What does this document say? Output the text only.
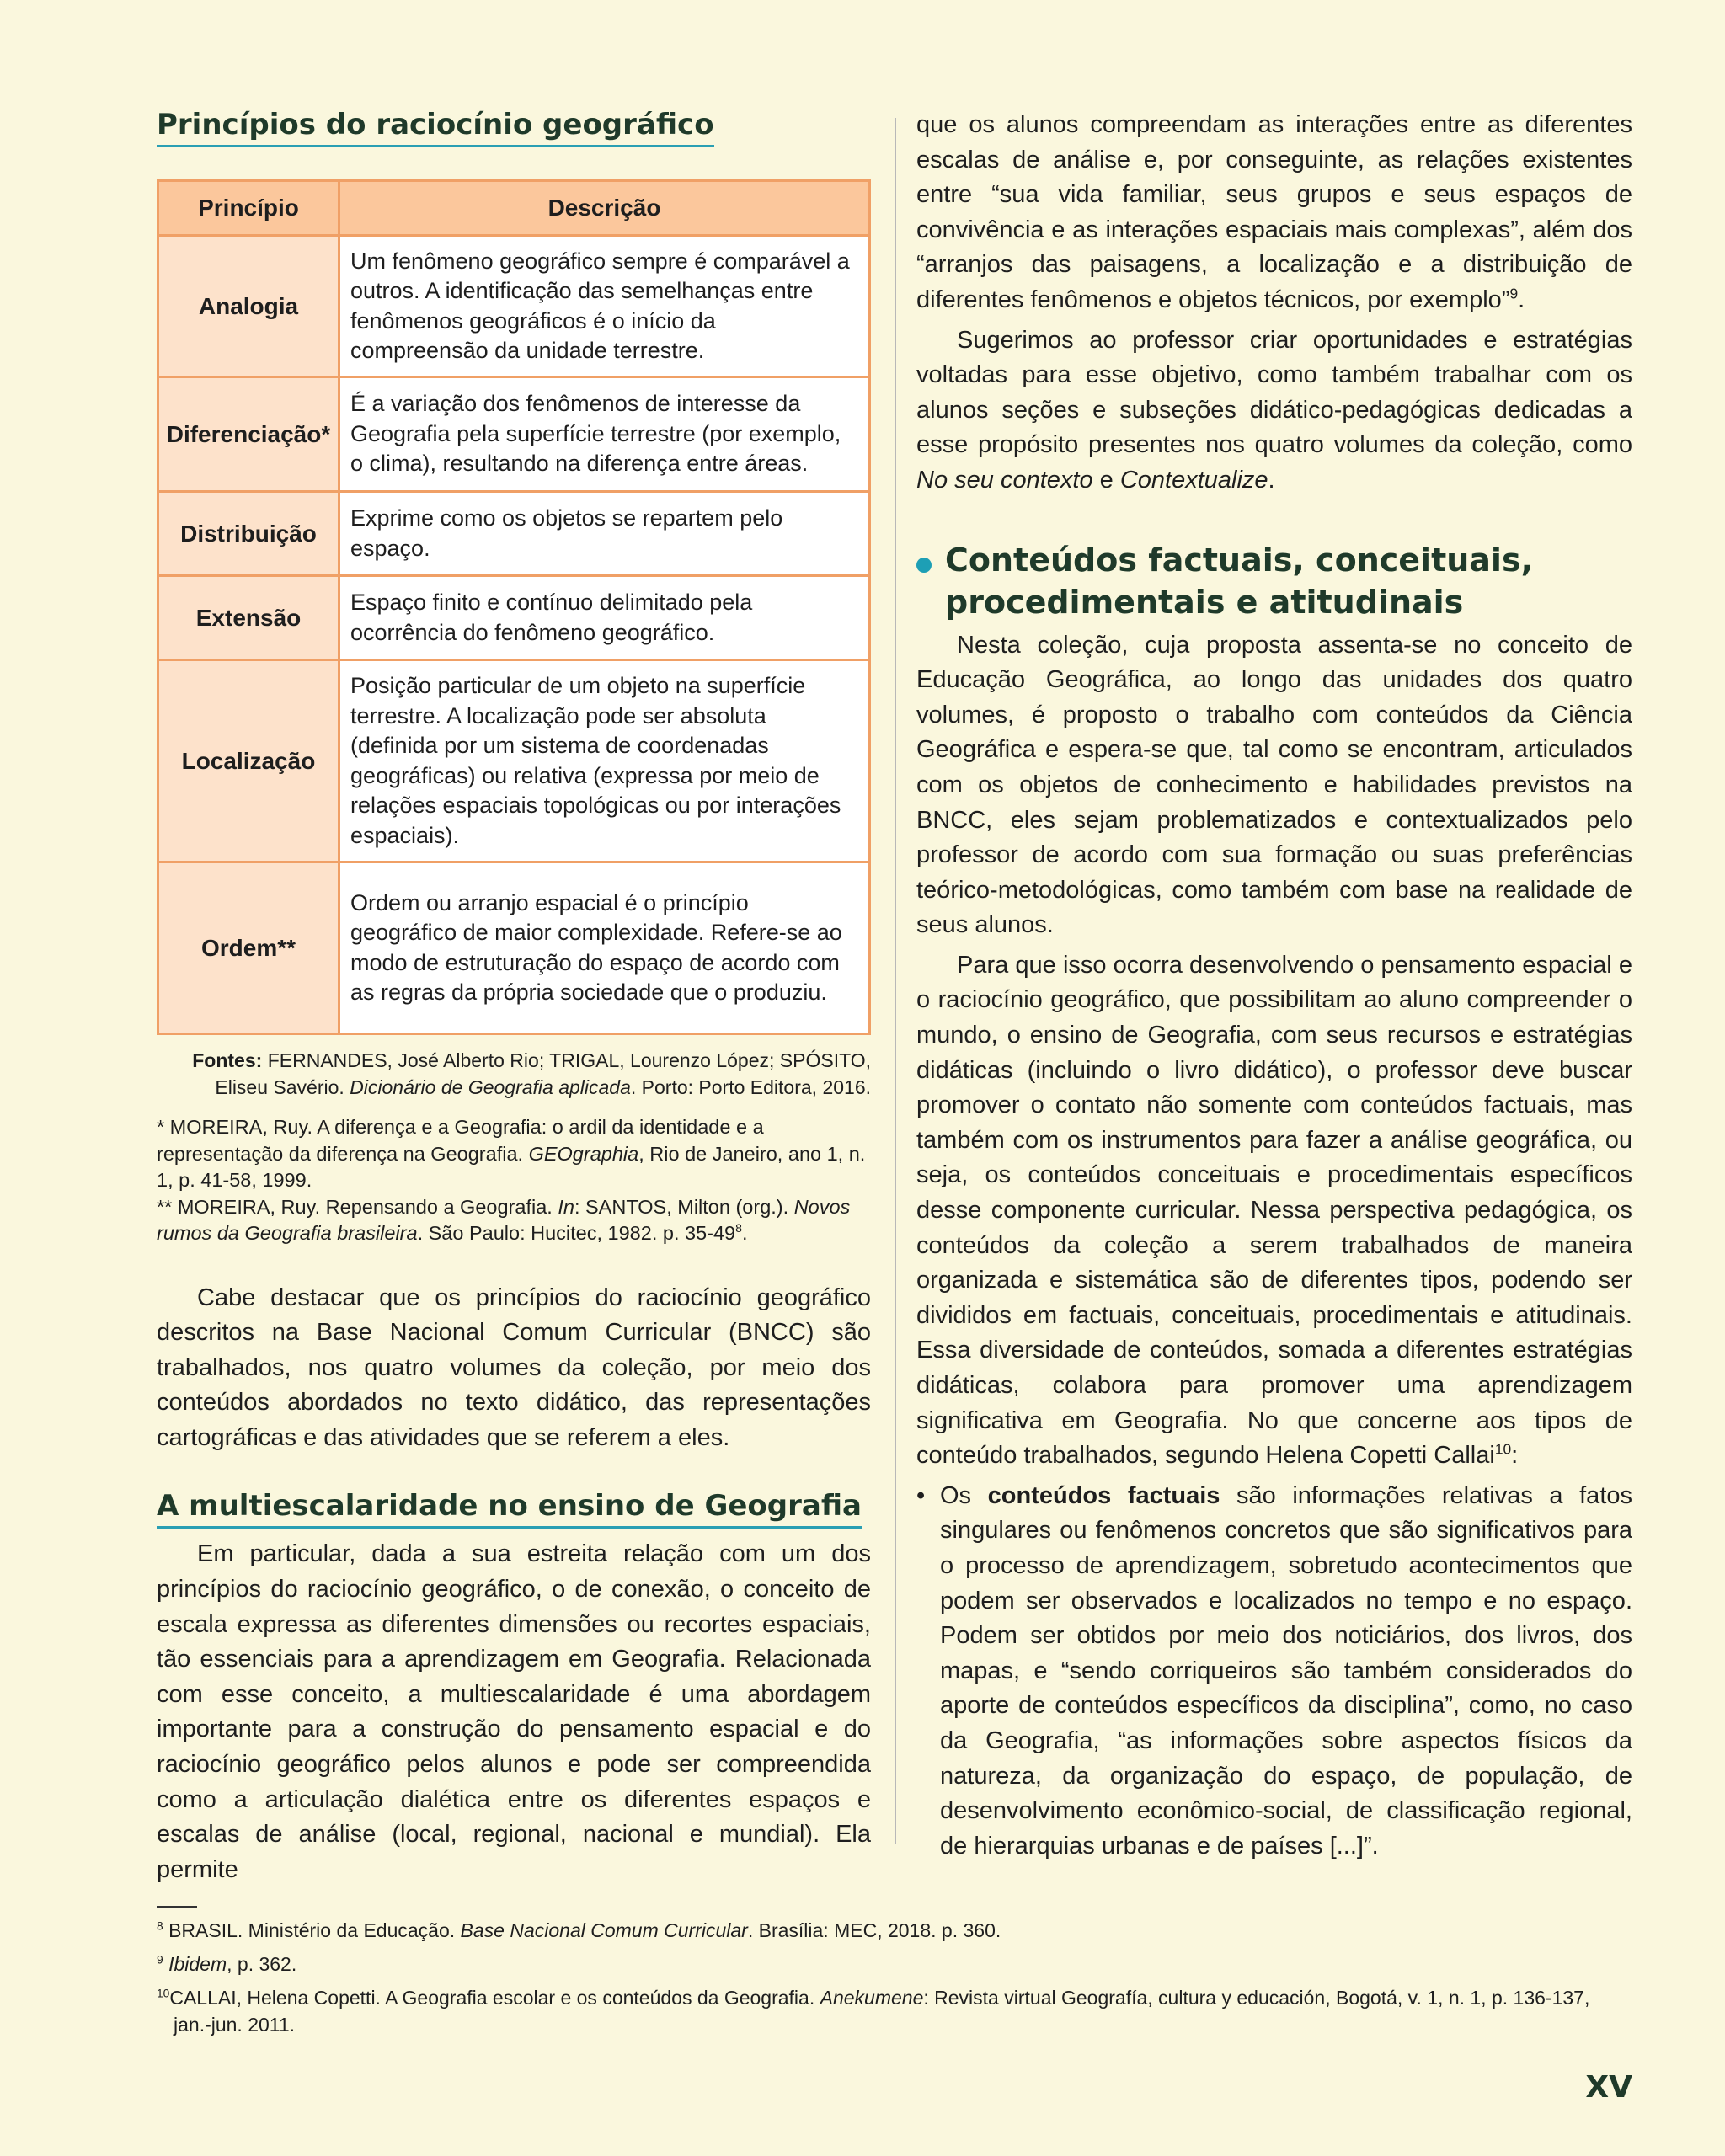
Princípios do raciocínio geográfico
Princípio	Descrição
Analogia	Um fenômeno geográfico sempre é comparável a outros. A identificação das semelhanças entre fenômenos geográficos é o início da compreensão da unidade terrestre.
Diferenciação*	É a variação dos fenômenos de interesse da Geografia pela superfície terrestre (por exemplo, o clima), resultando na diferença entre áreas.
Distribuição	Exprime como os objetos se repartem pelo espaço.
Extensão	Espaço finito e contínuo delimitado pela ocorrência do fenômeno geográfico.
Localização	Posição particular de um objeto na superfície terrestre. A localização pode ser absoluta (definida por um sistema de coordenadas geográficas) ou relativa (expressa por meio de relações espaciais topológicas ou por interações espaciais).
Ordem**	Ordem ou arranjo espacial é o princípio geográfico de maior complexidade. Refere-se ao modo de estruturação do espaço de acordo com as regras da própria sociedade que o produziu.
Fontes: FERNANDES, José Alberto Rio; TRIGAL, Lourenzo López; SPÓSITO, Eliseu Savério. Dicionário de Geografia aplicada. Porto: Porto Editora, 2016.
* MOREIRA, Ruy. A diferença e a Geografia: o ardil da identidade e a representação da diferença na Geografia. GEOgraphia, Rio de Janeiro, ano 1, n. 1, p. 41-58, 1999.
** MOREIRA, Ruy. Repensando a Geografia. In: SANTOS, Milton (org.). Novos rumos da Geografia brasileira. São Paulo: Hucitec, 1982. p. $35-49^8$.

Cabe destacar que os princípios do raciocínio geográfico descritos na Base Nacional Comum Curricular (BNCC) são trabalhados, nos quatro volumes da coleção, por meio dos conteúdos abordados no texto didático, das representações cartográficas e das atividades que se referem a eles.

A multiescalaridade no ensino de Geografia

Em particular, dada a sua estreita relação com um dos princípios do raciocínio geográfico, o de conexão, o conceito de escala expressa as diferentes dimensões ou recortes espaciais, tão essenciais para a aprendizagem em Geografia. Relacionada com esse conceito, a multiescalaridade é uma abordagem importante para a construção do pensamento espacial e do raciocínio geográfico pelos alunos e pode ser compreendida como a articulação dialética entre os diferentes espaços e escalas de análise (local, regional, nacional e mundial). Ela permite

que os alunos compreendam as interações entre as diferentes escalas de análise e, por conseguinte, as relações existentes entre “sua vida familiar, seus grupos e seus espaços de convivência e as interações espaciais mais complexas”, além dos “arranjos das paisagens, a localização e a distribuição de diferentes fenômenos e objetos técnicos, por exemplo”$^9$.

Sugerimos ao professor criar oportunidades e estratégias voltadas para esse objetivo, como também trabalhar com os alunos seções e subseções didático-pedagógicas dedicadas a esse propósito presentes nos quatro volumes da coleção, como No seu contexto e Contextualize.

Conteúdos factuais, conceituais,
procedimentais e atitudinais

Nesta coleção, cuja proposta assenta-se no conceito de Educação Geográfica, ao longo das unidades dos quatro volumes, é proposto o trabalho com conteúdos da Ciência Geográfica e espera-se que, tal como se encontram, articulados com os objetos de conhecimento e habilidades previstos na BNCC, eles sejam problematizados e contextualizados pelo professor de acordo com sua formação ou suas preferências teórico-metodológicas, como também com base na realidade de seus alunos.

Para que isso ocorra desenvolvendo o pensamento espacial e o raciocínio geográfico, que possibilitam ao aluno compreender o mundo, o ensino de Geografia, com seus recursos e estratégias didáticas (incluindo o livro didático), o professor deve buscar promover o contato não somente com conteúdos factuais, mas também com os instrumentos para fazer a análise geográfica, ou seja, os conteúdos conceituais e procedimentais específicos desse componente curricular. Nessa perspectiva pedagógica, os conteúdos da coleção a serem trabalhados de maneira organizada e sistemática são de diferentes tipos, podendo ser divididos em factuais, conceituais, procedimentais e atitudinais. Essa diversidade de conteúdos, somada a diferentes estratégias didáticas, colabora para promover uma aprendizagem significativa em Geografia. No que concerne aos tipos de conteúdo trabalhados, segundo Helena Copetti Callai$^{10}$:

• Os conteúdos factuais são informações relativas a fatos singulares ou fenômenos concretos que são significativos para o processo de aprendizagem, sobretudo acontecimentos que podem ser observados e localizados no tempo e no espaço. Podem ser obtidos por meio dos noticiários, dos livros, dos mapas, e “sendo corriqueiros são também considerados do aporte de conteúdos específicos da disciplina”, como, no caso da Geografia, “as informações sobre aspectos físicos da natureza, da organização do espaço, de população, de desenvolvimento econômico-social, de classificação regional, de hierarquias urbanas e de países [...]”.

$^8$ BRASIL. Ministério da Educação. Base Nacional Comum Curricular. Brasília: MEC, 2018. p. 360.
$^9$ Ibidem, p. 362.
$^{10}$CALLAI, Helena Copetti. A Geografia escolar e os conteúdos da Geografia. Anekumene: Revista virtual Geografía, cultura y educación, Bogotá, v. 1, n. 1, p. 136-137, jan.-jun. 2011.
XV
